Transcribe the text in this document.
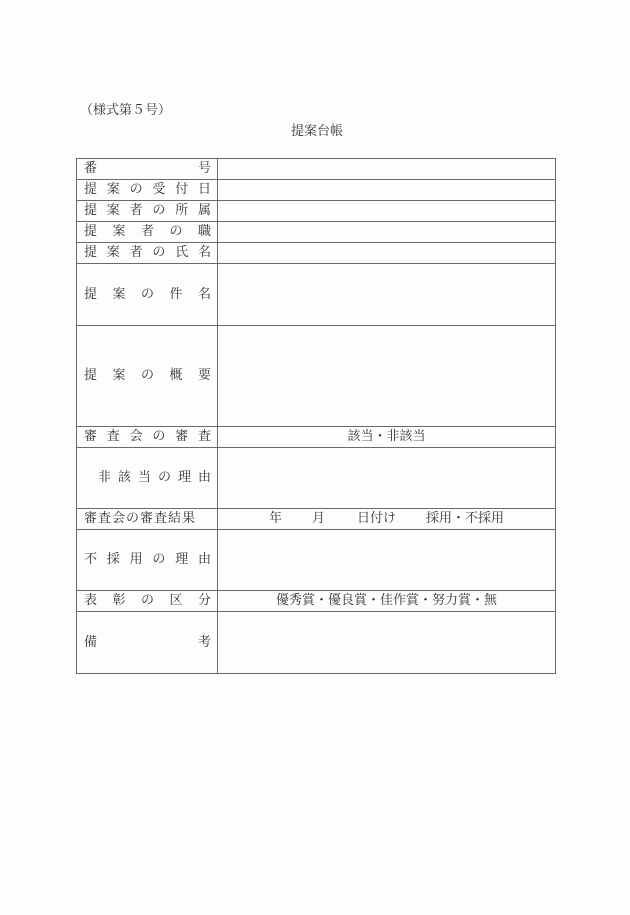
（様式第５号）
提案台帳
番 号	

提 案 の 受 付 日

提 案 者 の 所 属

提 案 者 の 職	

提 案 者 の 氏 名

提 案 の 件 名	

提 案 の 概 要	

審 査 会 の 審 査	該当・非該当

非 該 当 の 理 由

審査会の審査結果	年 月 日付け 採用・不採用

不 採 用 の 理 由

表 彰 の 区 分	優秀賞・優良賞・佳作賞・努力賞・無

備 考	
